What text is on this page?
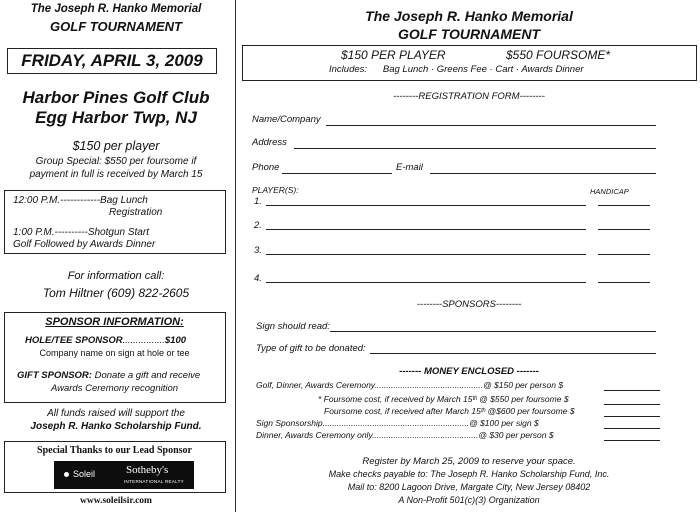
The Joseph R. Hanko Memorial
GOLF TOURNAMENT
FRIDAY, APRIL 3, 2009
Harbor Pines Golf Club
Egg Harbor Twp, NJ
$150 per player
Group Special: $550 per foursome if
payment in full is received by March 15
12:00 P.M.------------Bag Lunch
Registration
1:00 P.M.----------Shotgun Start
Golf Followed by Awards Dinner
For information call:
Tom Hiltner (609) 822-2605
SPONSOR INFORMATION:
HOLE/TEE SPONSOR................$100
Company name on sign at hole or tee
GIFT SPONSOR: Donate a gift and receive
Awards Ceremony recognition
All funds raised will support the
Joseph R. Hanko Scholarship Fund.
Special Thanks to our Lead Sponsor
Soleil	Sotheby's
INTERNATIONAL REALTY
www.soleilsir.com
The Joseph R. Hanko Memorial
GOLF TOURNAMENT
$150 PER PLAYER	$550 FOURSOME*
Includes: Bag Lunch · Greens Fee · Cart · Awards Dinner
--------REGISTRATION FORM--------
Name/Company
Address
Phone	E-mail
PLAYER(S):	HANDICAP
1.
2.
3.
4.
--------SPONSORS--------
Sign should read:
Type of gift to be donated:
------- MONEY ENCLOSED -------
Golf, Dinner, Awards Ceremony..............................................@ $150 per person $
* Foursome cost, if received by March 15ᵗʰ @ $550 per foursome $
Foursome cost, if received after March 15ᵗʰ @$600 per foursome $
Sign Sponsorship..............................................................@ $100 per sign $
Dinner, Awards Ceremony only.............................................@ $30 per person $
Register by March 25, 2009 to reserve your space.
Make checks payable to: The Joseph R. Hanko Scholarship Fund, Inc.
Mail to: 8200 Lagoon Drive, Margate City, New Jersey 08402
A Non-Profit 501(c)(3) Organization
